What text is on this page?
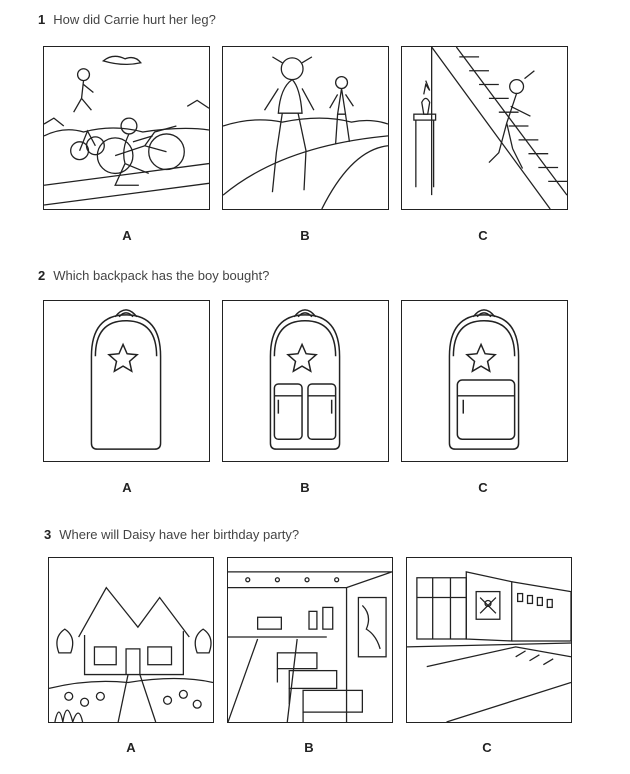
1 How did Carrie hurt her leg?
A	B	C
2 Which backpack has the boy bought?
A	B	C
3 Where will Daisy have her birthday party?
A	B	C
